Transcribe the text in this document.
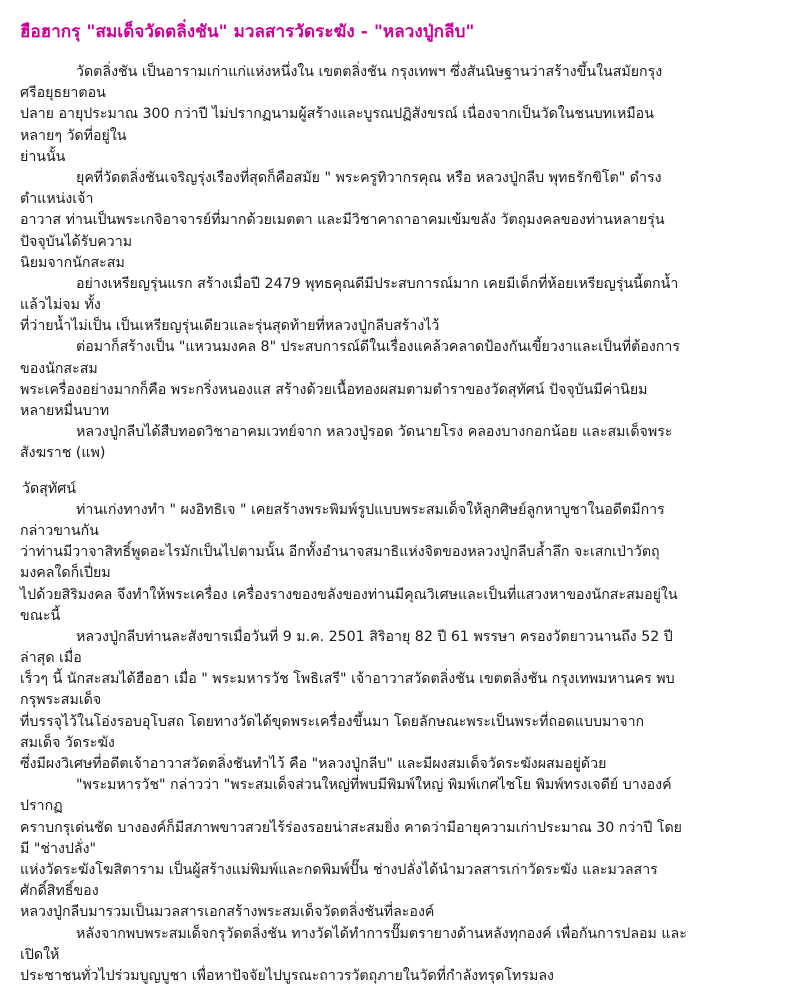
ฮือฮากรุ "สมเด็จวัดตลิ่งชัน" มวลสารวัดระฆัง - "หลวงปู่กลีบ"
วัดตลิ่งชัน เป็นอารามเก่าแก่แห่งหนึ่งใน เขตตลิ่งชัน กรุงเทพฯ ซึ่งสันนิษฐานว่าสร้างขึ้นในสมัยกรุง
ศรีอยุธยาตอน
ปลาย อายุประมาณ 300 กว่าปี ไม่ปรากฏนามผู้สร้างและบูรณปฏิสังขรณ์ เนื่องจากเป็นวัดในชนบทเหมือน
หลายๆ วัดที่อยู่ใน
ย่านนั้น
ยุคที่วัดตลิ่งชันเจริญรุ่งเรืองที่สุดก็คือสมัย " พระครูทิวากรคุณ หรือ หลวงปู่กลีบ พุทธรักขิโต" ดำรง
ตำแหน่งเจ้า
อาวาส ท่านเป็นพระเกจิอาจารย์ที่มากด้วยเมตตา และมีวิชาคาถาอาคมเข้มขลัง วัตถุมงคลของท่านหลายรุ่น
ปัจจุบันได้รับความ
นิยมจากนักสะสม
อย่างเหรียญรุ่นแรก สร้างเมื่อปี 2479 พุทธคุณดีมีประสบการณ์มาก เคยมีเด็กที่ห้อยเหรียญรุ่นนี้ตกน้ำ
แล้วไม่จม ทั้ง
ที่ว่ายน้ำไม่เป็น เป็นเหรียญรุ่นเดียวและรุ่นสุดท้ายที่หลวงปู่กลีบสร้างไว้
ต่อมาก็สร้างเป็น "แหวนมงคล 8" ประสบการณ์ดีในเรื่องแคล้วคลาดป้องกันเขี้ยวงาและเป็นที่ต้องการ
ของนักสะสม
พระเครื่องอย่างมากก็คือ พระกริ่งหนองแส สร้างด้วยเนื้อทองผสมตามตำราของวัดสุทัศน์ ปัจจุบันมีค่านิยม
หลายหมื่นบาท
หลวงปู่กลีบได้สืบทอดวิชาอาคมเวทย์จาก หลวงปู่รอด วัดนายโรง คลองบางกอกน้อย และสมเด็จพระ
สังฆราช (แพ)
วัดสุทัศน์
ท่านเก่งทางทำ " ผงอิทธิเจ " เคยสร้างพระพิมพ์รูปแบบพระสมเด็จให้ลูกศิษย์ลูกหาบูชาในอดีตมีการ
กล่าวขานกัน
ว่าท่านมีวาจาสิทธิ์พูดอะไรมักเป็นไปตามนั้น อีกทั้งอำนาจสมาธิแห่งจิตของหลวงปู่กลีบล้ำลึก จะเสกเป่าวัตถุ
มงคลใดก็เปี่ยม
ไปด้วยสิริมงคล จึงทำให้พระเครื่อง เครื่องรางของขลังของท่านมีคุณวิเศษและเป็นที่แสวงหาของนักสะสมอยู่ใน
ขณะนี้
หลวงปู่กลีบท่านละสังขารเมื่อวันที่ 9 ม.ค. 2501 สิริอายุ 82 ปี 61 พรรษา ครองวัดยาวนานถึง 52 ปี
ล่าสุด เมื่อ
เร็วๆ นี้ นักสะสมได้ฮือฮา เมื่อ " พระมหารวัช โพธิเสรี" เจ้าอาวาสวัดตลิ่งชัน เขตตลิ่งชัน กรุงเทพมหานคร พบ
กรุพระสมเด็จ
ที่บรรจุไว้ในโอ่งรอบอุโบสถ โดยทางวัดได้ขุดพระเครื่องขึ้นมา โดยลักษณะพระเป็นพระที่ถอดแบบมาจาก
สมเด็จ วัดระฆัง
ซึ่งมีผงวิเศษที่อดีตเจ้าอาวาสวัดตลิ่งชันทำไว้ คือ "หลวงปู่กลีบ" และมีผงสมเด็จวัดระฆังผสมอยู่ด้วย
"พระมหารวัช" กล่าวว่า "พระสมเด็จส่วนใหญ่ที่พบมีพิมพ์ใหญ่ พิมพ์เกศไชโย พิมพ์ทรงเจดีย์ บางองค์
ปรากฏ
คราบกรุเด่นชัด บางองค์ก็มีสภาพขาวสวยไร้ร่องรอยน่าสะสมยิ่ง คาดว่ามีอายุความเก่าประมาณ 30 กว่าปี โดย
มี "ช่างปลั่ง"
แห่งวัดระฆังโฆสิตาราม เป็นผู้สร้างแม่พิมพ์และกดพิมพ์ปั๊น ช่างปลั่งได้นำมวลสารเก่าวัดระฆัง และมวลสาร
ศักดิ์สิทธิ์ของ
หลวงปู่กลีบมารวมเป็นมวลสารเอกสร้างพระสมเด็จวัดตลิ่งชันที่ละองค์
หลังจากพบพระสมเด็จกรุวัดตลิ่งชัน ทางวัดได้ทำการปั๊มตรายางด้านหลังทุกองค์ เพื่อกันการปลอม และ
เปิดให้
ประชาชนทั่วไปร่วมบูญบูชา เพื่อหาปัจจัยไปบูรณะถาวรวัตถุภายในวัดที่กำลังทรุดโทรมลง
